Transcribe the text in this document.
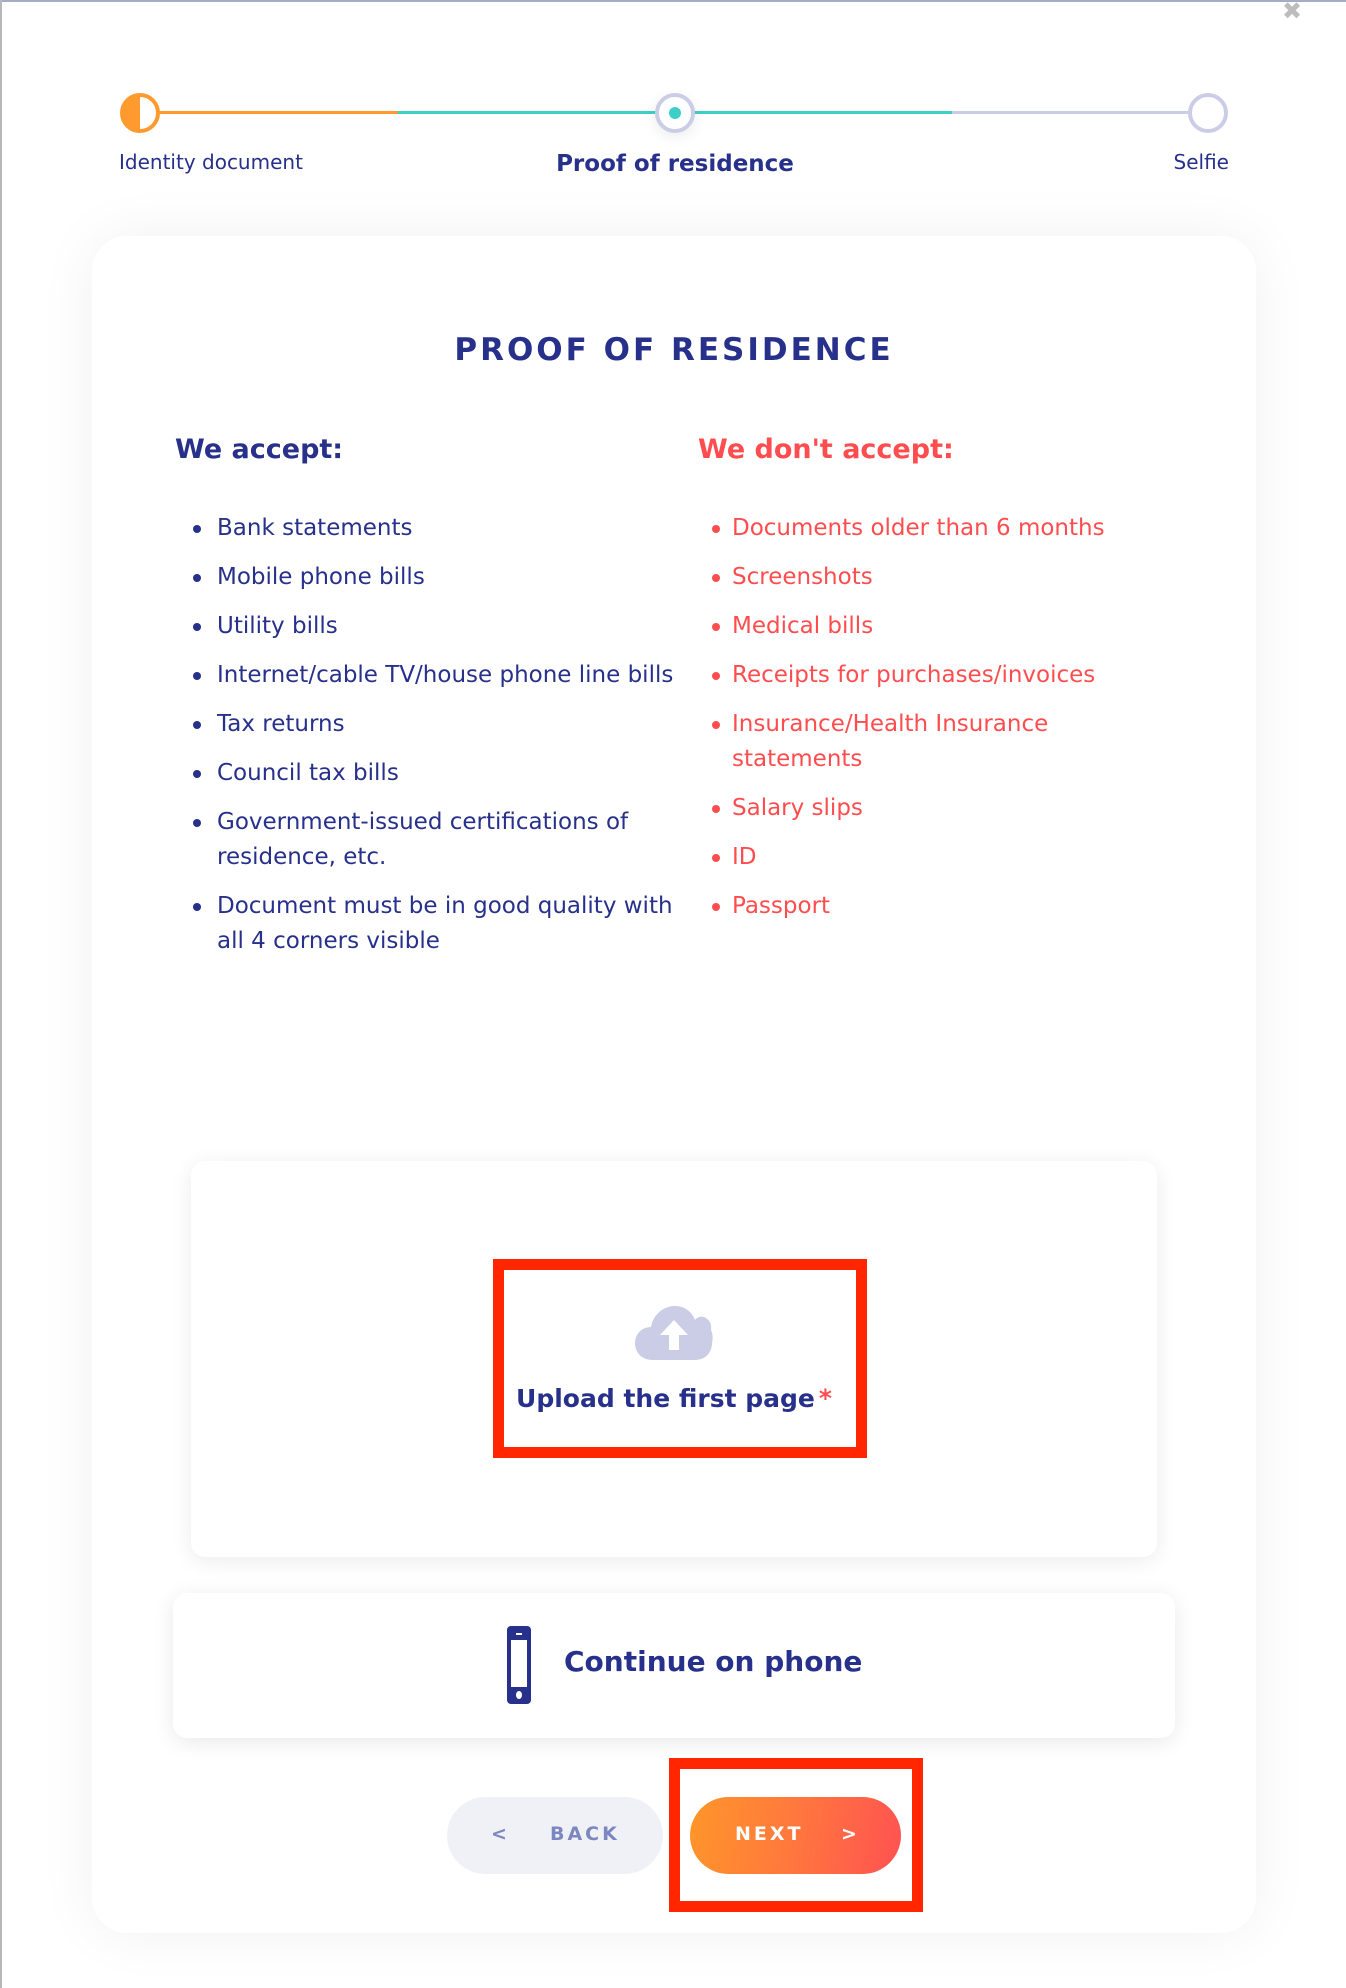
✖
Identity document	Proof of residence	Selfie
PROOF OF RESIDENCE
We accept:	We don't accept:
Bank statements
Mobile phone bills
Utility bills
Internet/cable TV/house phone line bills
Tax returns
Council tax bills
Government-issued certifications of residence, etc.
Document must be in good quality with all 4 corners visible
Documents older than 6 months
Screenshots
Medical bills
Receipts for purchases/invoices
Insurance/Health Insurance statements
Salary slips
ID
Passport
Upload the first page *
Continue on phone
< BACK	NEXT >
